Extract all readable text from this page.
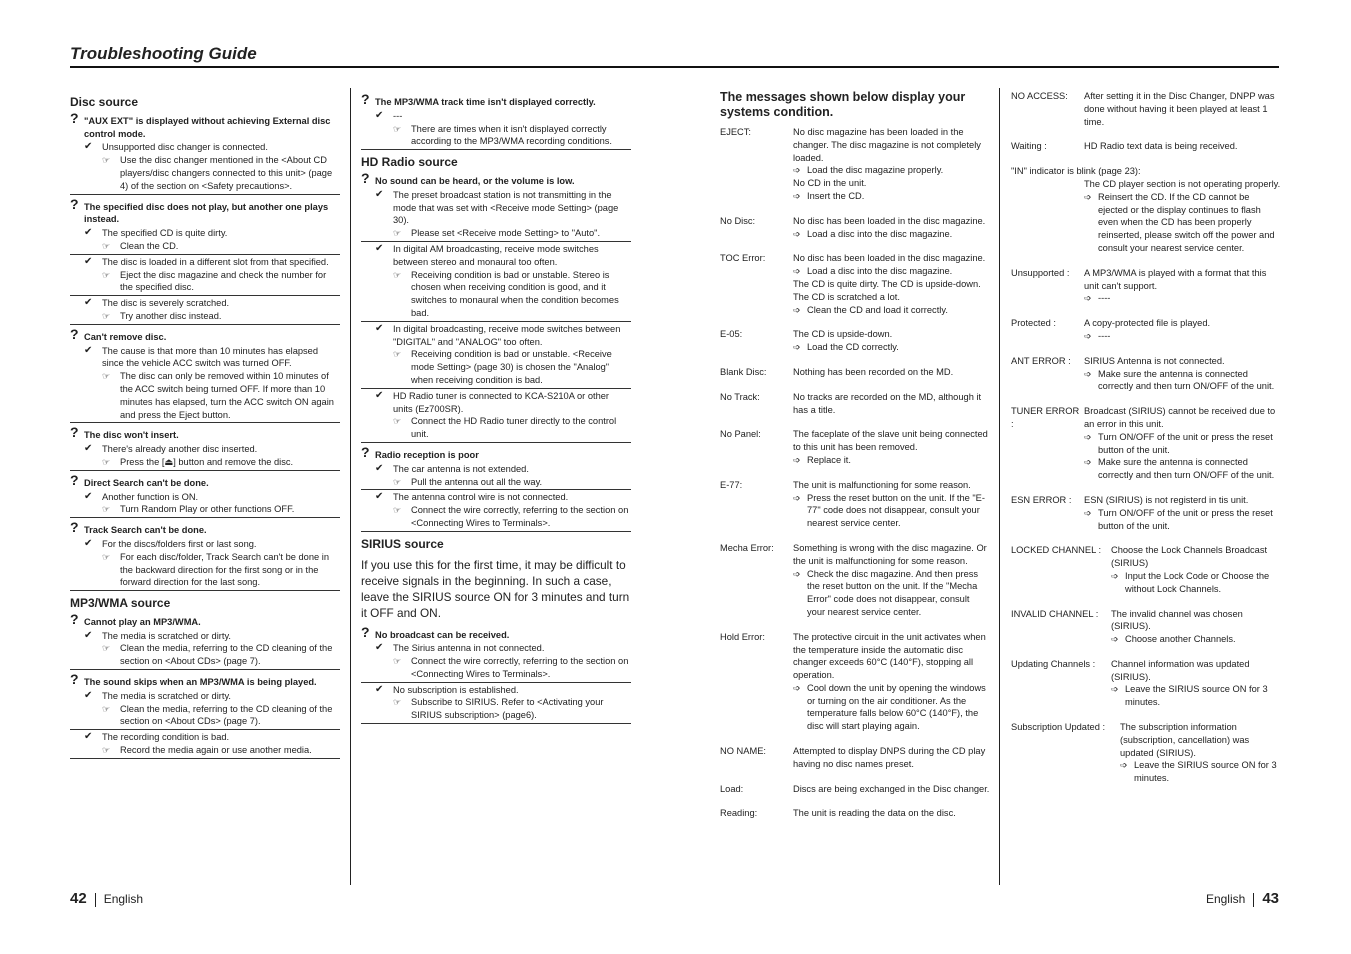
Troubleshooting Guide
Disc source
? "AUX EXT" is displayed without achieving External disc control mode.
✔ Unsupported disc changer is connected.
☞ Use the disc changer mentioned in the <About CD players/disc changers connected to this unit> (page 4) of the section on <Safety precautions>.
? The specified disc does not play, but another one plays instead.
✔ The specified CD is quite dirty.
☞ Clean the CD.
✔ The disc is loaded in a different slot from that specified.
☞ Eject the disc magazine and check the number for the specified disc.
✔ The disc is severely scratched.
☞ Try another disc instead.
? Can't remove disc.
✔ The cause is that more than 10 minutes has elapsed since the vehicle ACC switch was turned OFF.
☞ The disc can only be removed within 10 minutes of the ACC switch being turned OFF. If more than 10 minutes has elapsed, turn the ACC switch ON again and press the Eject button.
? The disc won't insert.
✔ There's already another disc inserted.
☞ Press the [⏏] button and remove the disc.
? Direct Search can't be done.
✔ Another function is ON.
☞ Turn Random Play or other functions OFF.
? Track Search can't be done.
✔ For the discs/folders first or last song.
☞ For each disc/folder, Track Search can't be done in the backward direction for the first song or in the forward direction for the last song.
MP3/WMA source
? Cannot play an MP3/WMA.
✔ The media is scratched or dirty.
☞ Clean the media, referring to the CD cleaning of the section on <About CDs> (page 7).
? The sound skips when an MP3/WMA is being played.
✔ The media is scratched or dirty.
☞ Clean the media, referring to the CD cleaning of the section on <About CDs> (page 7).
✔ The recording condition is bad.
☞ Record the media again or use another media.
? The MP3/WMA track time isn't displayed correctly.
✔ ---
☞ There are times when it isn't displayed correctly according to the MP3/WMA recording conditions.
HD Radio source
? No sound can be heard, or the volume is low.
✔ The preset broadcast station is not transmitting in the mode that was set with <Receive mode Setting> (page 30).
☞ Please set <Receive mode Setting> to "Auto".
✔ In digital AM broadcasting, receive mode switches between stereo and monaural too often.
☞ Receiving condition is bad or unstable. Stereo is chosen when receiving condition is good, and it switches to monaural when the condition becomes bad.
✔ In digital broadcasting, receive mode switches between "DIGITAL" and "ANALOG" too often.
☞ Receiving condition is bad or unstable. <Receive mode Setting> (page 30) is chosen the "Analog" when receiving condition is bad.
✔ HD Radio tuner is connected to KCA-S210A or other units (Ez700SR).
☞ Connect the HD Radio tuner directly to the control unit.
? Radio reception is poor
✔ The car antenna is not extended.
☞ Pull the antenna out all the way.
✔ The antenna control wire is not connected.
☞ Connect the wire correctly, referring to the section on <Connecting Wires to Terminals>.
SIRIUS source
If you use this for the first time, it may be difficult to receive signals in the beginning. In such a case, leave the SIRIUS source ON for 3 minutes and turn it OFF and ON.
? No broadcast can be received.
✔ The Sirius antenna in not connected.
☞ Connect the wire correctly, referring to the section on <Connecting Wires to Terminals>.
✔ No subscription is established.
☞ Subscribe to SIRIUS. Refer to <Activating your SIRIUS subscription> (page6).
The messages shown below display your systems condition.
EJECT:	No disc magazine has been loaded in the changer. The disc magazine is not completely loaded.
➩ Load the disc magazine properly.
No CD in the unit.
➩ Insert the CD.
No Disc:	No disc has been loaded in the disc magazine.
➩ Load a disc into the disc magazine.
TOC Error:	No disc has been loaded in the disc magazine.
➩ Load a disc into the disc magazine.
The CD is quite dirty. The CD is upside-down. The CD is scratched a lot.
➩ Clean the CD and load it correctly.
E-05:	The CD is upside-down.
➩ Load the CD correctly.
Blank Disc:	Nothing has been recorded on the MD.
No Track:	No tracks are recorded on the MD, although it has a title.
No Panel:	The faceplate of the slave unit being connected to this unit has been removed.
➩ Replace it.
E-77:	The unit is malfunctioning for some reason.
➩ Press the reset button on the unit. If the "E-77" code does not disappear, consult your nearest service center.
Mecha Error:	Something is wrong with the disc magazine. Or the unit is malfunctioning for some reason.
➩ Check the disc magazine. And then press the reset button on the unit. If the "Mecha Error" code does not disappear, consult your nearest service center.
Hold Error:	The protective circuit in the unit activates when the temperature inside the automatic disc changer exceeds 60°C (140°F), stopping all operation.
➩ Cool down the unit by opening the windows or turning on the air conditioner. As the temperature falls below 60°C (140°F), the disc will start playing again.
NO NAME:	Attempted to display DNPS during the CD play having no disc names preset.
Load:	Discs are being exchanged in the Disc changer.
Reading:	The unit is reading the data on the disc.
NO ACCESS:	After setting it in the Disc Changer, DNPP was done without having it been played at least 1 time.
Waiting :	HD Radio text data is being received.
"IN" indicator is blink (page 23):
The CD player section is not operating properly.
➩ Reinsert the CD. If the CD cannot be ejected or the display continues to flash even when the CD has been properly reinserted, please switch off the power and consult your nearest service center.
Unsupported :	A MP3/WMA is played with a format that this unit can't support.
➩ ----
Protected :	A copy-protected file is played.
➩ ----
ANT ERROR :	SIRIUS Antenna is not connected.
➩ Make sure the antenna is connected correctly and then turn ON/OFF of the unit.
TUNER ERROR :
Broadcast (SIRIUS) cannot be received due to an error in this unit.
➩ Turn ON/OFF of the unit or press the reset button of the unit.
➩ Make sure the antenna is connected correctly and then turn ON/OFF of the unit.
ESN ERROR :	ESN (SIRIUS) is not registerd in tis unit.
➩ Turn ON/OFF of the unit or press the reset button of the unit.
LOCKED CHANNEL :	Choose the Lock Channels Broadcast (SIRIUS)
➩ Input the Lock Code or Choose the without Lock Channels.
INVALID CHANNEL :	The invalid channel was chosen (SIRIUS).
➩ Choose another Channels.
Updating Channels :	Channel information was updated (SIRIUS).
➩ Leave the SIRIUS source ON for 3 minutes.
Subscription Updated :	The subscription information (subscription, cancellation) was updated (SIRIUS).
➩ Leave the SIRIUS source ON for 3 minutes.
42 English	English 43
